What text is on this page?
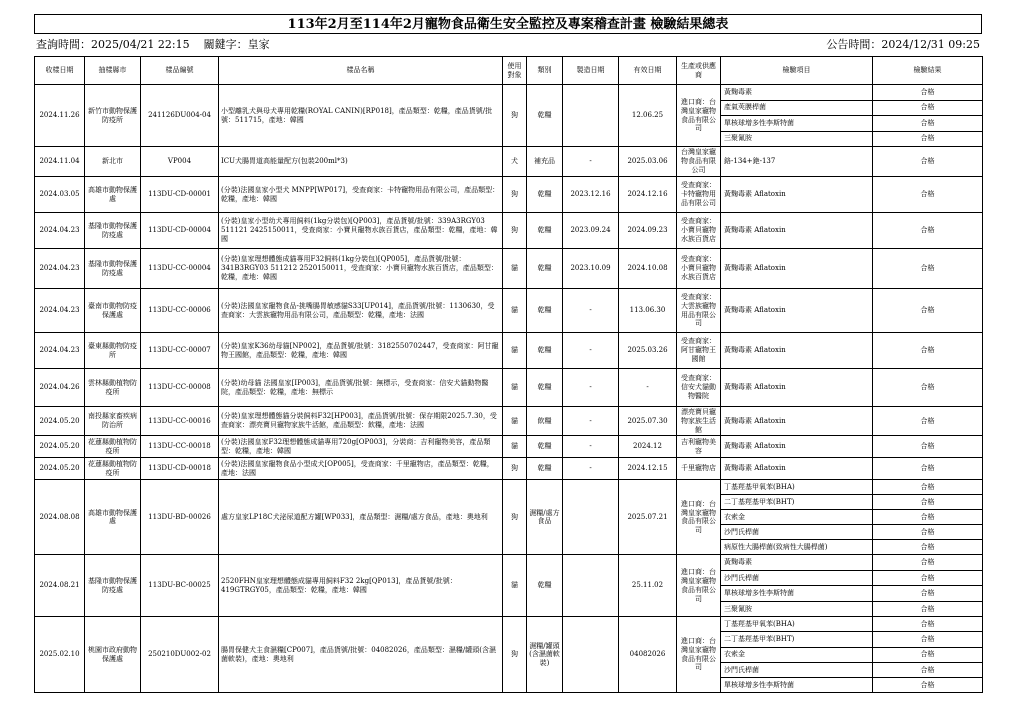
113年2月至114年2月寵物食品衛生安全監控及專案稽查計畫 檢驗結果總表
查詢時間：2025/04/21 22:15 關鍵字：皇家	公告時間：2024/12/31 09:25
收樣日期	抽樣縣市	樣品編號	樣品名稱	使用對象	類別	製造日期	有效日期	生產或供應商	檢驗項目	檢驗結果
2024.11.26	新竹市動物保護防疫所	241126DU004-04	小型離乳犬與母犬專用乾糧(ROYAL CANIN)[RP018]，產品類型：乾糧，產品貨號/批號：511715，產地：韓國	狗	乾糧		12.06.25	進口商：台灣皇家寵物食品有限公司	黃麴毒素	合格
									產氣莢膜桿菌	合格
									單核球增多性李斯特菌	合格
									三聚氰胺	合格
2024.11.04	新北市	VP004	ICU犬腸胃道高能量配方(包裝200ml*3)	犬	補充品	-	2025.03.06	台灣皇家寵物食品有限公司	鉻-134+銫-137	合格
2024.03.05	高雄市動物保護處	113DU-CD-00001	(分裝)法國皇家小型犬 MNPP[WP017]，受查商家：卡特寵物用品有限公司，產品類型：乾糧，產地：韓國	狗	乾糧	2023.12.16	2024.12.16	受查商家：卡特寵物用品有限公司	黃麴毒素 Aflatoxin	合格
2024.04.23	基隆市動物保護防疫處	113DU-CD-00004	(分裝)皇家小型幼犬專用飼料(1kg分裝包)[QP003]，產品貨號/批號：339A3RGY03 511121 2425150011，受查商家：小寶貝寵物水族百貨店，產品類型：乾糧，產地：韓國	狗	乾糧	2023.09.24	2024.09.23	受查商家：小寶貝寵物水族百貨店	黃麴毒素 Aflatoxin	合格
2024.04.23	基隆市動物保護防疫處	113DU-CC-00004	(分裝)皇家理想體態成貓專用F32飼料(1kg分裝包)[QP005]，產品貨號/批號：341B3RGY03 511212 2520150011，受查商家：小寶貝寵物水族百貨店，產品類型：乾糧，產地：韓國	貓	乾糧	2023.10.09	2024.10.08	受查商家：小寶貝寵物水族百貨店	黃麴毒素 Aflatoxin	合格
2024.04.23	臺南市動物防疫保護處	113DU-CC-00006	(分裝)法國皇家寵物食品-挑嘴腸胃敏感貓S33[UP014]，產品貨號/批號：1130630，受查商家：大雲族寵物用品有限公司，產品類型：乾糧，產地：法國	貓	乾糧	-	113.06.30	受查商家：大雲族寵物用品有限公司	黃麴毒素 Aflatoxin	合格
2024.04.23	臺東縣動物防疫所	113DU-CC-00007	(分裝)皇家K36幼母貓[NP002]，產品貨號/批號：3182550702447，受查商家：阿甘寵物王國館，產品類型：乾糧，產地：韓國	貓	乾糧	-	2025.03.26	受查商家：阿甘寵物王國館	黃麴毒素 Aflatoxin	合格
2024.04.26	雲林縣動植物防疫所	113DU-CC-00008	(分裝)幼母貓 法國皇家[IP003]，產品貨號/批號：無標示，受查商家：信安犬貓動物醫院，產品類型：乾糧，產地：無標示	貓	乾糧	-	-	受查商家：信安犬貓動物醫院	黃麴毒素 Aflatoxin	合格
2024.05.20	南投縣家畜疾病防治所	113DU-CC-00016	(分裝)皇家理想體態貓分裝飼料F32[HP003]，產品貨號/批號：保存期限2025.7.30，受查商家：漂亮寶貝寵物家族牛活館，產品類型：飲糧，產地：法國	貓	飲糧	-	2025.07.30	漂亮寶貝寵物家族生活館	黃麴毒素 Aflatoxin	合格
2024.05.20	花蓮縣動植物防疫所	113DU-CC-00018	(分裝)法國皇家F32理想體態成貓專用720g[OP003]，分裝商：吉利寵物美容，產品類型：乾糧，產地：韓國	貓	乾糧	-	2024.12	吉利寵物美容	黃麴毒素 Aflatoxin	合格
2024.05.20	花蓮縣動植物防疫所	113DU-CD-00018	(分裝)法國皇家寵物食品小型成犬[OP005]，受查商家：千里寵物店，產品類型：乾糧，產地：法國	狗	乾糧	-	2024.12.15	千里寵物店	黃麴毒素 Aflatoxin	合格
2024.08.08	高雄市動物保護處	113DU-BD-00026	處方皇家LP18C犬泌尿道配方罐[WP033]，產品類型：濕糧/處方食品，產地：奧地利	狗	濕糧/處方食品		2025.07.21	進口商：台灣皇家寵物食品有限公司	丁基羥基甲氧苯(BHA)	合格
									二丁基羥基甲苯(BHT)	合格
									衣索金	合格
									沙門氏桿菌	合格
									病原性大腸桿菌(致病性大腸桿菌)	合格
2024.08.21	基隆市動物保護防疫處	113DU-BC-00025	2520FHN皇家理想體態成貓專用飼料F32 2kg[QP013]，產品貨號/批號：419GTRGY05，產品類型：乾糧，產地：韓國	貓	乾糧		25.11.02	進口商：台灣皇家寵物食品有限公司	黃麴毒素	合格
									沙門氏桿菌	合格
									單核球增多性李斯特菌	合格
									三聚氰胺	合格
2025.02.10	桃園市政府動物保護處	250210DU002-02	腸胃保健犬主食濕糧[CP007]，產品貨號/批號：04082026，產品類型：濕糧/罐頭(含濕菌軟裝)，產地：奧地利	狗	濕糧/罐頭(含濕菌軟裝)		04082026	進口商：台灣皇家寵物食品有限公司	丁基羥基甲氧苯(BHA)	合格
									二丁基羥基甲苯(BHT)	合格
									衣索金	合格
									沙門氏桿菌	合格
									單核球增多性李斯特菌	合格
